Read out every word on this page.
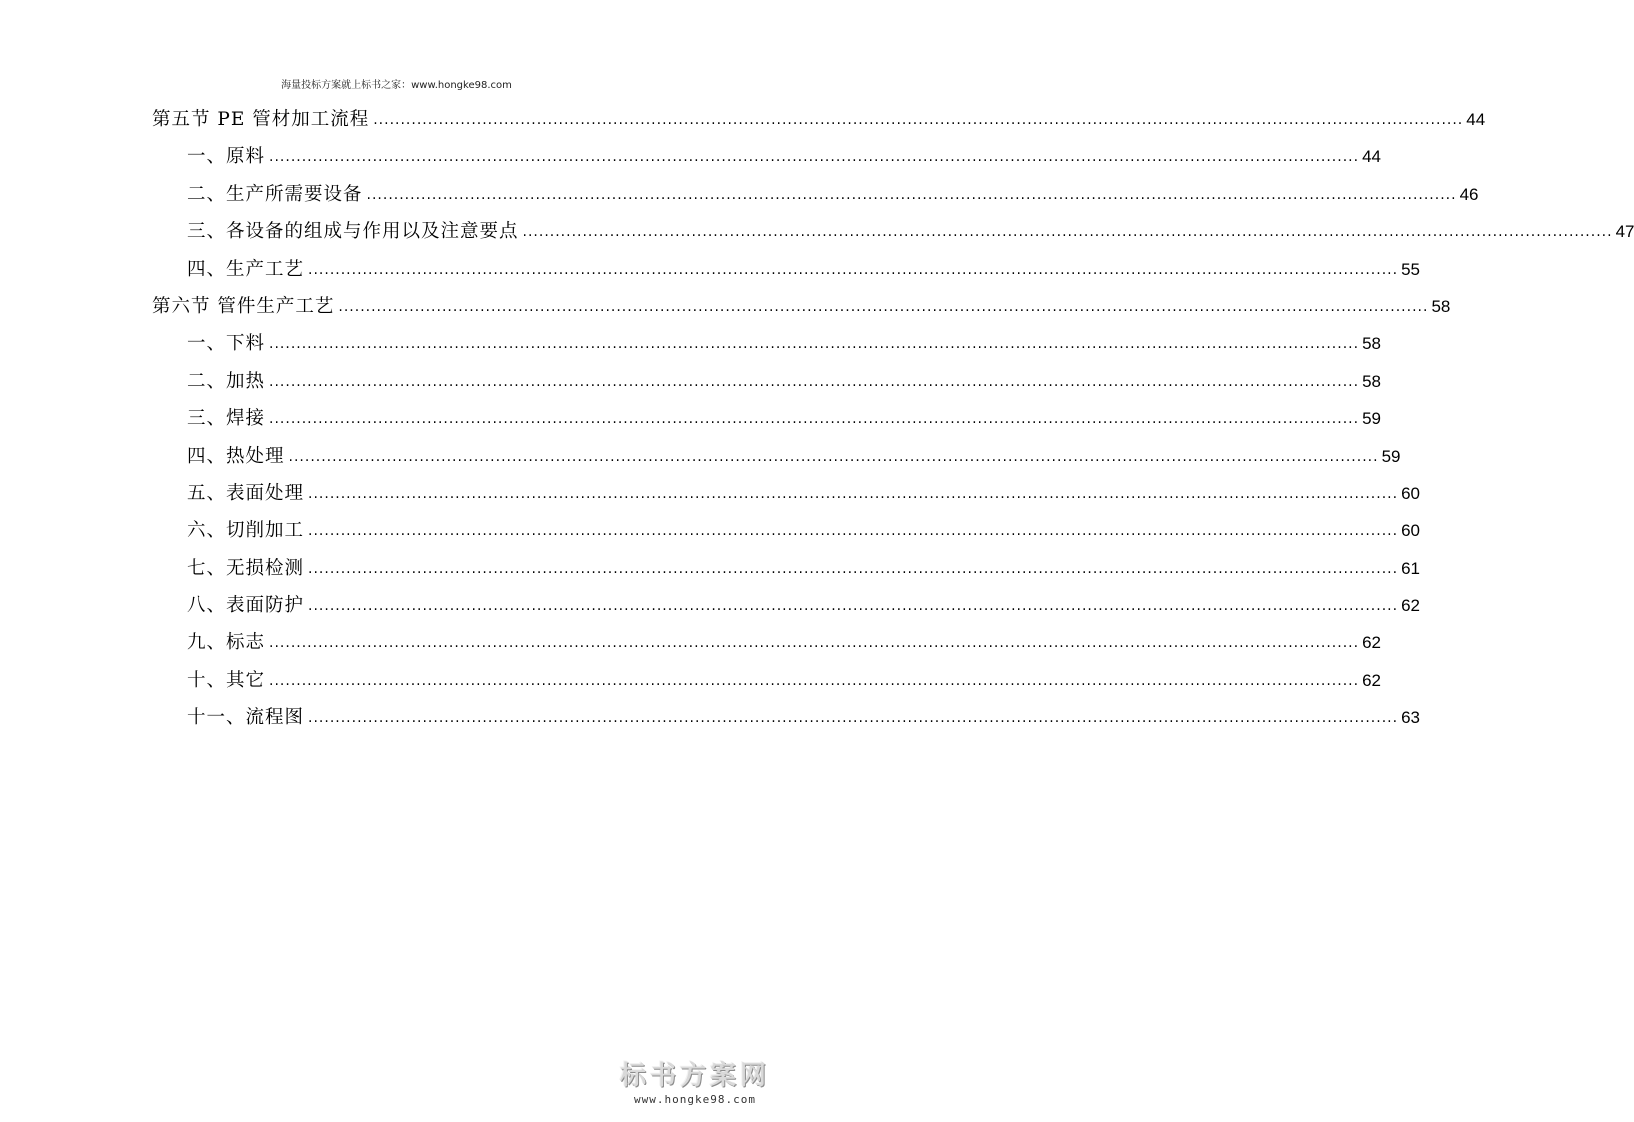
海量投标方案就上标书之家：www.hongke98.com
第五节 PE 管材加工流程 ........................................................................................................................................................................................................ 44
一、原料 ........................................................................................................................................................................................................ 44
二、生产所需要设备 ........................................................................................................................................................................................................ 46
三、各设备的组成与作用以及注意要点 ........................................................................................................................................................................................................ 47
四、生产工艺 ........................................................................................................................................................................................................ 55
第六节 管件生产工艺 ........................................................................................................................................................................................................ 58
一、下料 ........................................................................................................................................................................................................ 58
二、加热 ........................................................................................................................................................................................................ 58
三、焊接 ........................................................................................................................................................................................................ 59
四、热处理 ........................................................................................................................................................................................................ 59
五、表面处理 ........................................................................................................................................................................................................ 60
六、切削加工 ........................................................................................................................................................................................................ 60
七、无损检测 ........................................................................................................................................................................................................ 61
八、表面防护 ........................................................................................................................................................................................................ 62
九、标志 ........................................................................................................................................................................................................ 62
十、其它 ........................................................................................................................................................................................................ 62
十一、流程图 ........................................................................................................................................................................................................ 63
标书方案网
www.hongke98.com
